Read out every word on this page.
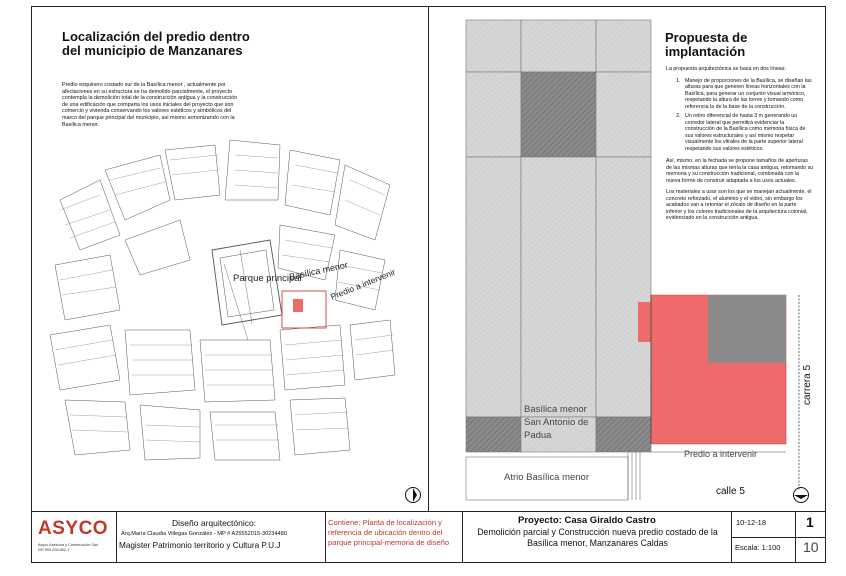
Localización del predio dentro del municipio de Manzanares
Predio esquinero costado sur de la Basílica menor , actualmente por afectaciones en su estructura se ha demolido parcialmente, el proyecto contempla la demolición total de la construcción antigua y la construcción de una edificación que comparta los usos iniciales del proyecto que son comercio y vivienda conservando los valores estéticos y simbólicos del marco del parque principal del municipio, así mismo armonizando con la Basílica menor.
Parque principal
Basílica menor
Predio a intervenir
Basílica menor
San Antonio de
Padua
Atrio Basílica menor
Predio a intervenir
calle 5
carrera 5
Propuesta de implantación

La propuesta arquitectónica se basa en dos líneas:

1. Manejo de proporciones de la Basílica, se diseñan las alturas para que generen líneas horizontales con la Basílica, para generar un conjunto visual armónico, respetando la altura de las torres y tomando como referencia la de la base de la construcción.
2. Un retiro diferencial de hasta 3 m generando un corredor lateral que permitirá evidenciar la construcción de la Basílica como memoria física de sus valores estructurales y así mismo respetar visualmente los vitrales de la parte superior lateral respetando sus valores estéticos.

Así, mismo, en la fechada se propone tamaños de aperturas de las mismas alturas que tenía la casa antigua, retomando su memoria y su construcción tradicional, combinada con la nueva forme de construir adaptada a los usos actuales.

Los materiales a usar son los que se manejan actualmente, el concreto reforzado, el aluminio y el vidrio, sin embargo los acabados van a retomar el zócalo de diseño en la parte inferior y los colores tradicionales de la arquitectura colonial, evidenciado en la construcción antigua.

ASYCO
Asyco Asesoría y Construcción Sas NIT:900.226.862-1
Diseño arquitectónico:
Arq.María Claudia Villegas González - MP # A25552015-30234480
Magister Patrimonio territorio y Cultura P.U.J
Contiene: Planta de localización y referencia de ubicación dentro del parque principal-memoria de diseño
Proyecto: Casa Giraldo Castro
Demolición parcial y Construcción nueva predio costado de la Basílica menor, Manzanares Caldas
10-12-18
Escala: 1:100
1
10
